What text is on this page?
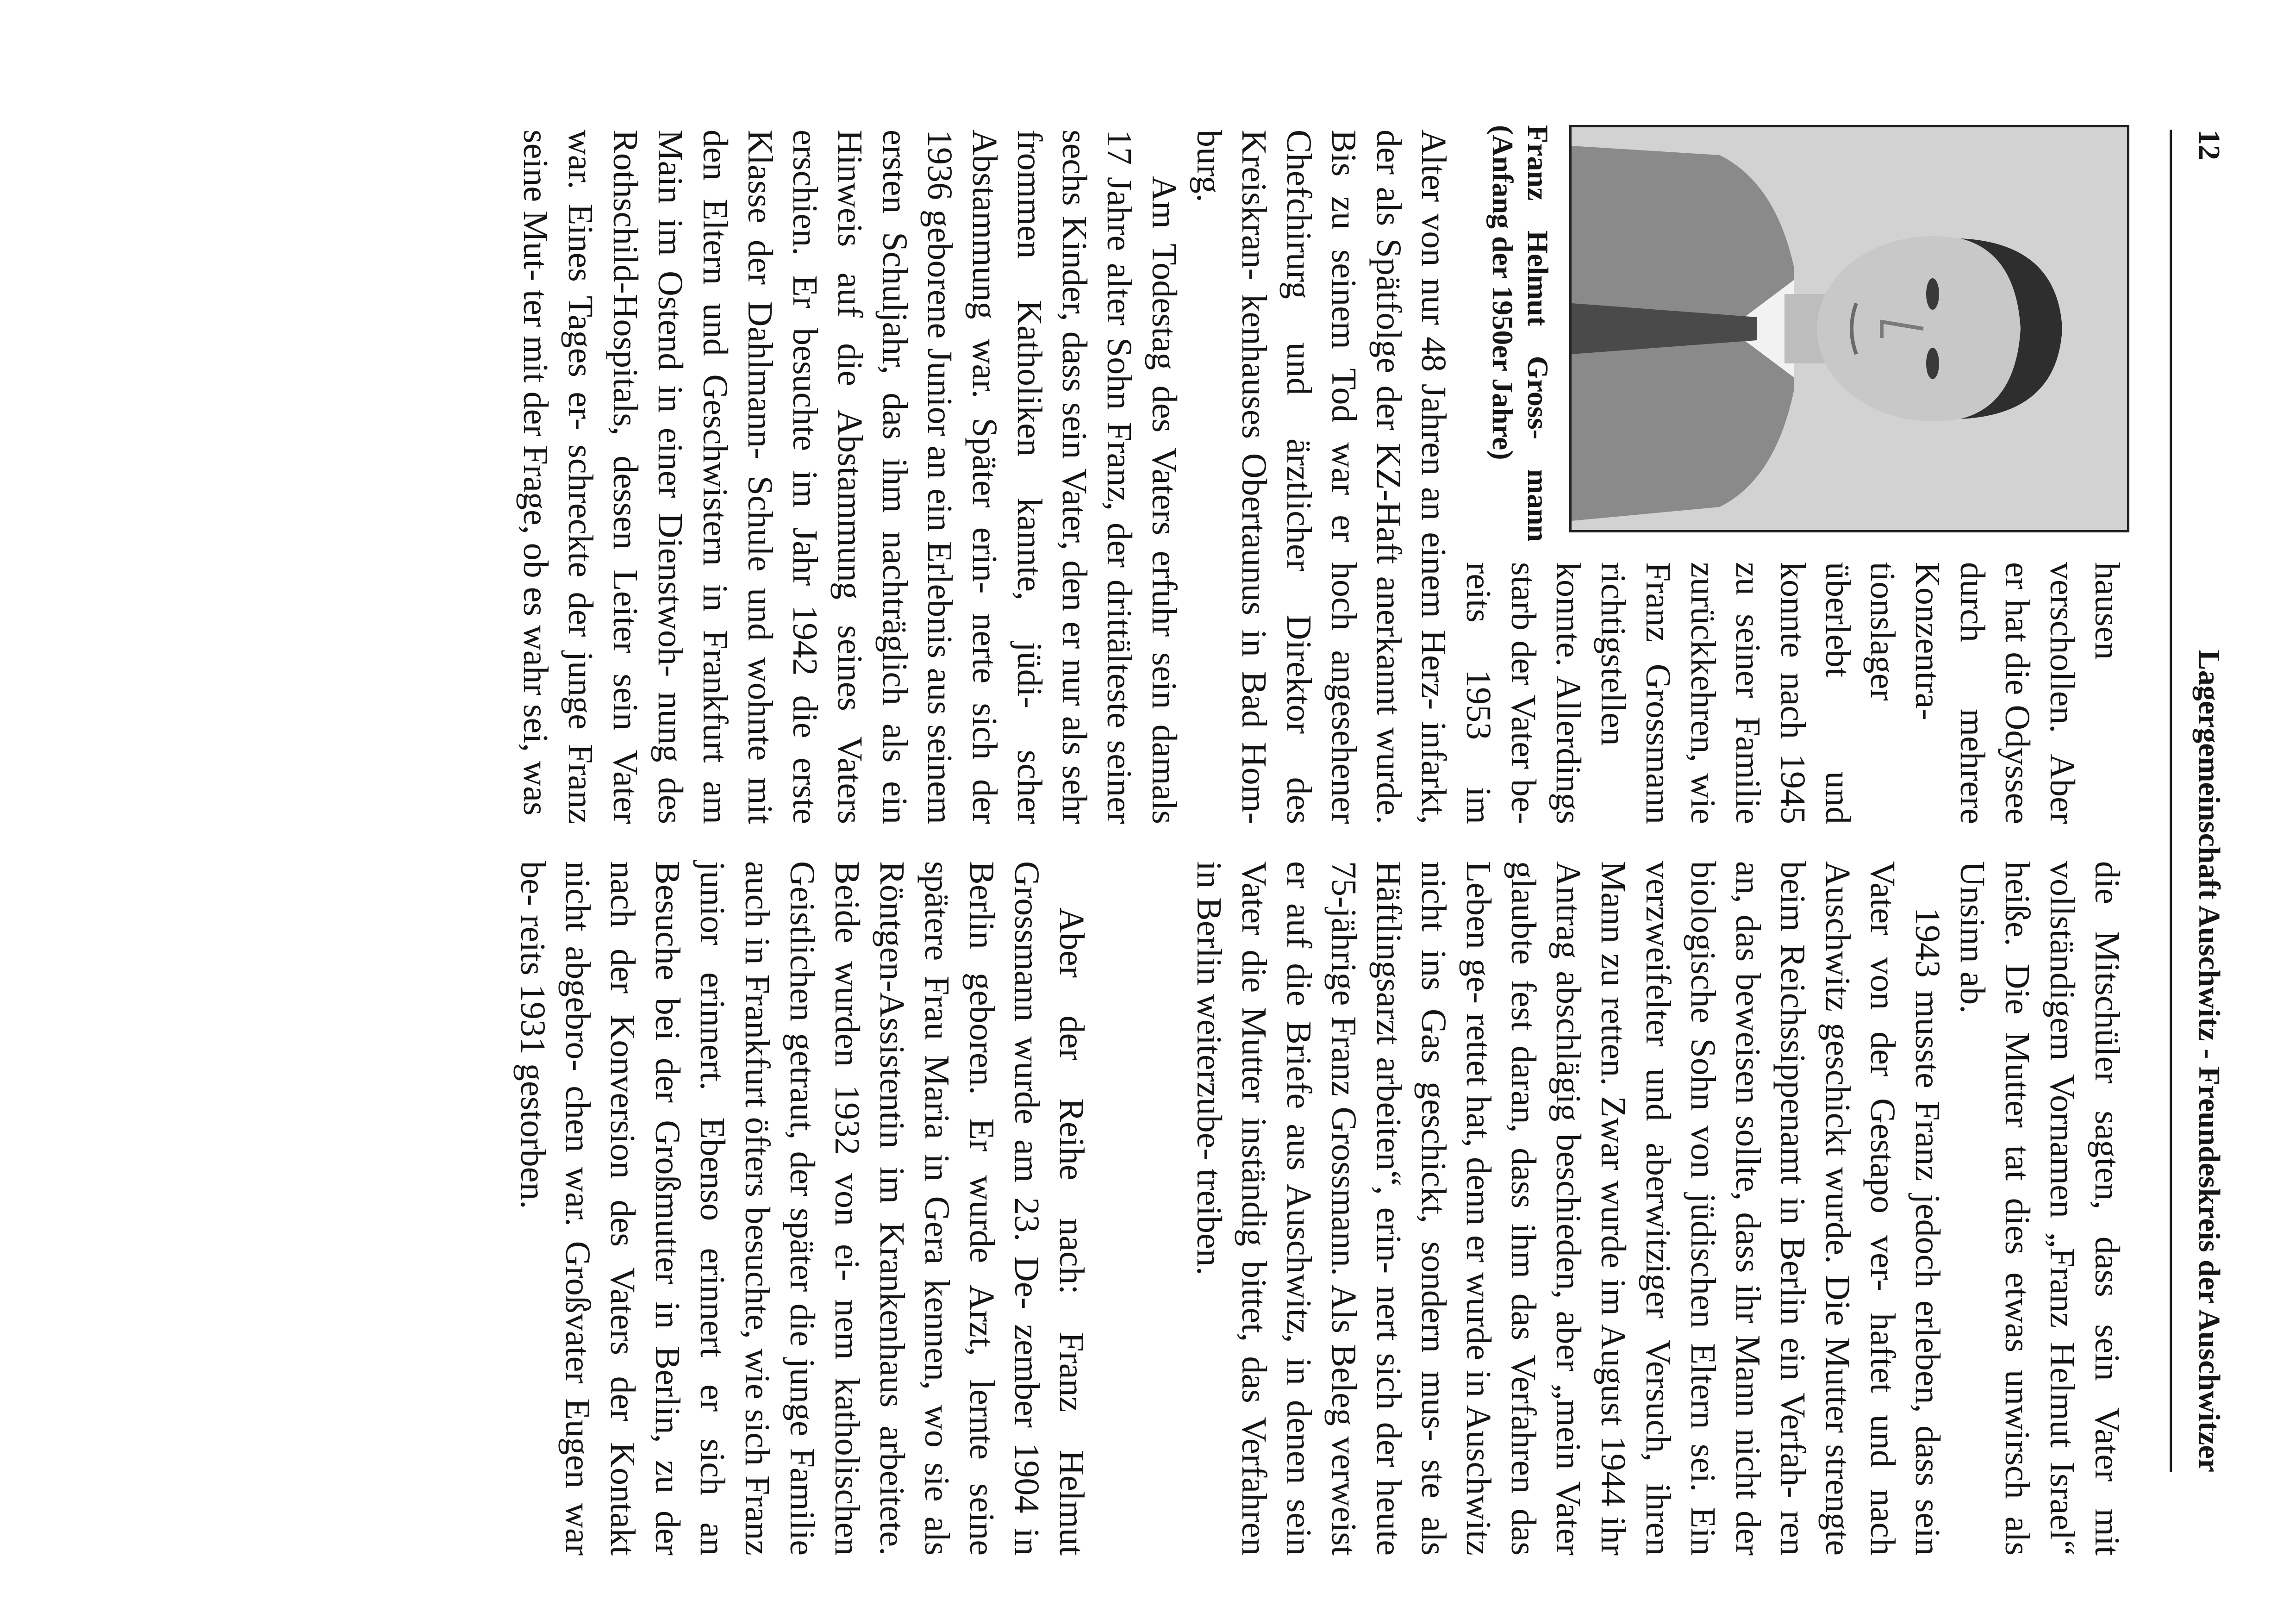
12
Lagergemeinschaft Auschwitz - Freundeskreis der Auschwitzer
Franz Helmut Gross- mann (Anfang der 1950er Jahre)

hausen verschollen. Aber er hat die Odyssee durch mehrere Konzentra- tionslager überlebt und konnte nach 1945 zu seiner Familie zurückkehren, wie Franz Grossmann richtigstellen konnte. Allerdings starb der Vater be- reits 1953 im Alter von nur 48 Jahren an einem Herz- infarkt, der als Spätfolge der KZ-Haft anerkannt wurde. Bis zu seinem Tod war er hoch angesehener Chefchirurg und ärztlicher Direktor des Kreiskran- kenhauses Obertaunus in Bad Hom- burg.

Am Todestag des Vaters erfuhr sein damals 17 Jahre alter Sohn Franz, der drittälteste seiner sechs Kinder, dass sein Vater, den er nur als sehr frommen Katholiken kannte, jüdi- scher Abstammung war. Später erin- nerte sich der 1936 geborene Junior an ein Erlebnis aus seinem ersten Schuljahr, das ihm nachträglich als ein Hinweis auf die Abstammung seines Vaters erschien. Er besuchte im Jahr 1942 die erste Klasse der Dahlmann- Schule und wohnte mit den Eltern und Geschwistern in Frankfurt am Main im Ostend in einer Dienstwoh- nung des Rothschild-Hospitals, dessen Leiter sein Vater war. Eines Tages er- schreckte der junge Franz seine Mut- ter mit der Frage, ob es wahr sei, was

die Mitschüler sagten, dass sein Vater mit vollständigem Vornamen „Franz Helmut Israel“ heiße. Die Mutter tat dies etwas unwirsch als Unsinn ab.

1943 musste Franz jedoch erleben, dass sein Vater von der Gestapo ver- haftet und nach Auschwitz geschickt wurde. Die Mutter strengte beim Reichssippenamt in Berlin ein Verfah- ren an, das beweisen sollte, dass ihr Mann nicht der biologische Sohn von jüdischen Eltern sei. Ein verzweifelter und aberwitziger Versuch, ihren Mann zu retten. Zwar wurde im August 1944 ihr Antrag abschlägig beschieden, aber „mein Vater glaubte fest daran, dass ihm das Verfahren das Leben ge- rettet hat, denn er wurde in Auschwitz nicht ins Gas geschickt, sondern mus- ste als Häftlingsarzt arbeiten“, erin- nert sich der heute 75-jährige Franz Grossmann. Als Beleg verweist er auf die Briefe aus Auschwitz, in denen sein Vater die Mutter inständig bittet, das Verfahren in Berlin weiterzube- treiben.

Aber der Reihe nach: Franz Helmut Grossmann wurde am 23. De- zember 1904 in Berlin geboren. Er wurde Arzt, lernte seine spätere Frau Maria in Gera kennen, wo sie als Röntgen-Assistentin im Krankenhaus arbeitete. Beide wurden 1932 von ei- nem katholischen Geistlichen getraut, der später die junge Familie auch in Frankfurt öfters besuchte, wie sich Franz junior erinnert. Ebenso erinnert er sich an Besuche bei der Großmutter in Berlin, zu der nach der Konversion des Vaters der Kontakt nicht abgebro- chen war. Großvater Eugen war be- reits 1931 gestorben.
